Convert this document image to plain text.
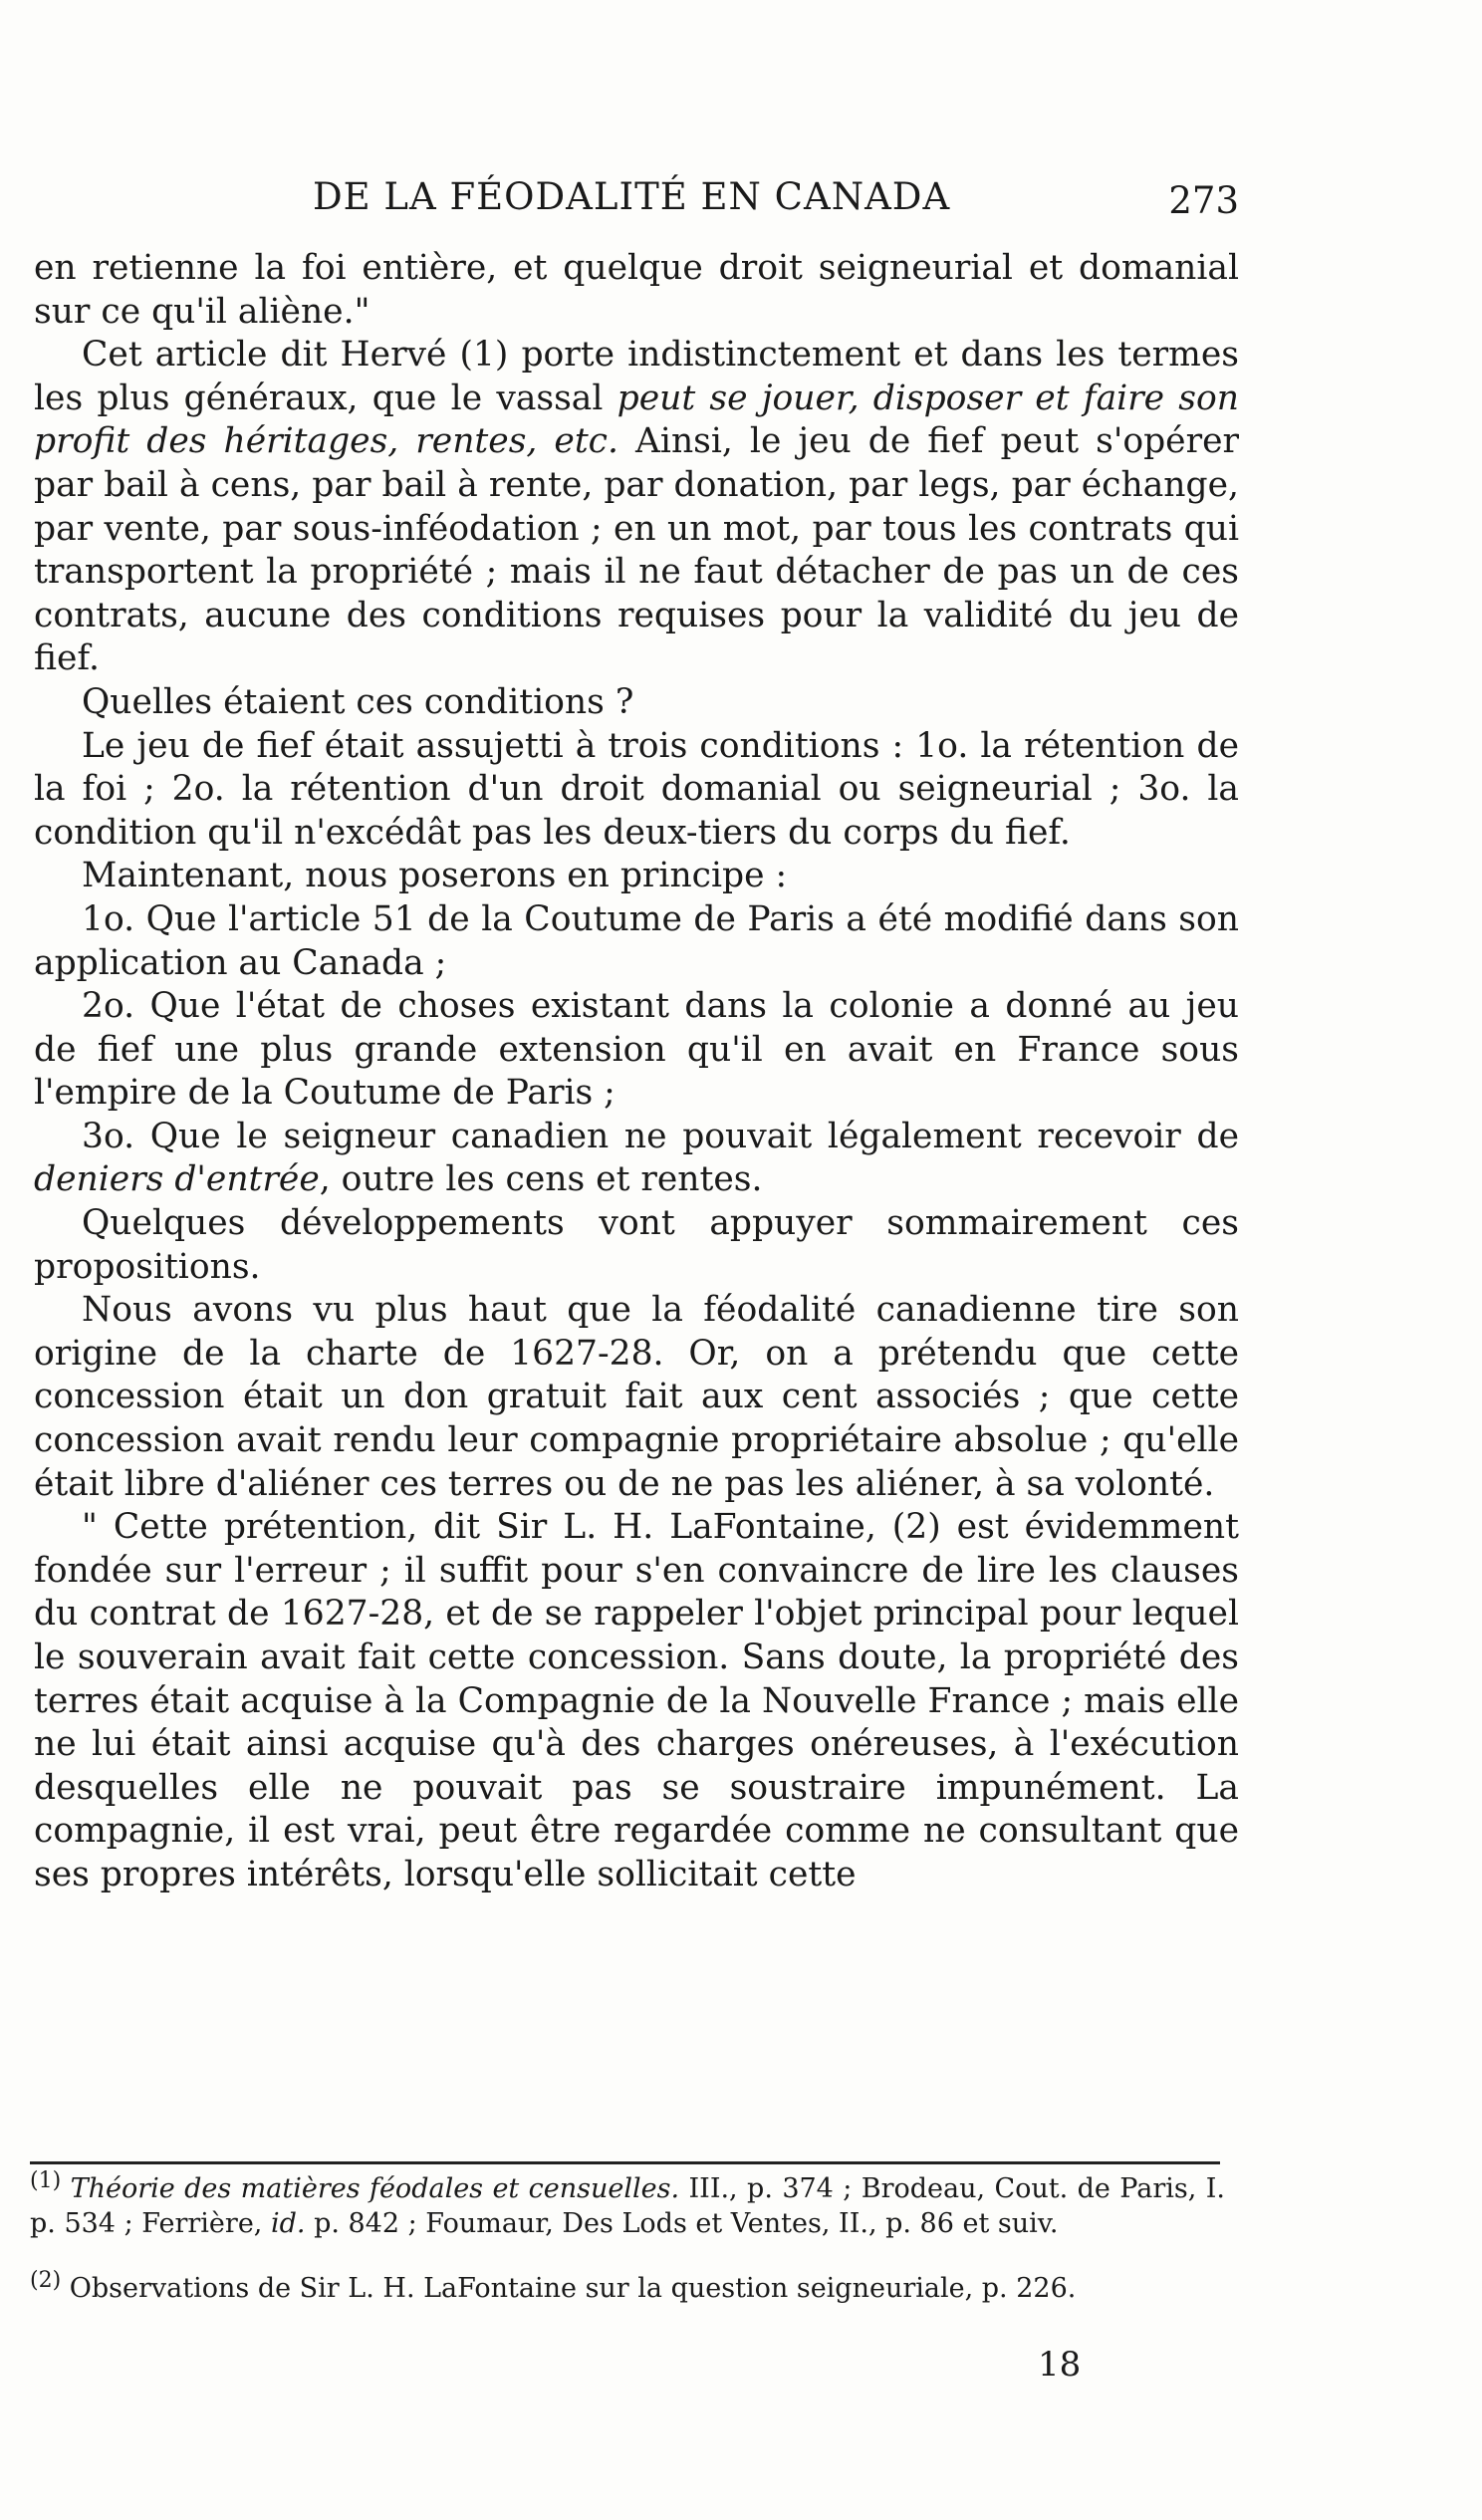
DE LA FÉODALITÉ EN CANADA	273

en retienne la foi entière, et quelque droit seigneurial et domanial sur ce qu'il aliène."

Cet article dit Hervé (1) porte indistinctement et dans les termes les plus généraux, que le vassal peut se jouer, disposer et faire son profit des héritages, rentes, etc. Ainsi, le jeu de fief peut s'opérer par bail à cens, par bail à rente, par donation, par legs, par échange, par vente, par sous-inféodation ; en un mot, par tous les contrats qui transportent la propriété ; mais il ne faut détacher de pas un de ces contrats, aucune des conditions requises pour la validité du jeu de fief.

Quelles étaient ces conditions ?

Le jeu de fief était assujetti à trois conditions : 1o. la rétention de la foi ; 2o. la rétention d'un droit domanial ou seigneurial ; 3o. la condition qu'il n'excédât pas les deux-tiers du corps du fief.

Maintenant, nous poserons en principe :

1o. Que l'article 51 de la Coutume de Paris a été modifié dans son application au Canada ;

2o. Que l'état de choses existant dans la colonie a donné au jeu de fief une plus grande extension qu'il en avait en France sous l'empire de la Coutume de Paris ;

3o. Que le seigneur canadien ne pouvait légalement recevoir de deniers d'entrée, outre les cens et rentes.

Quelques développements vont appuyer sommairement ces propositions.

Nous avons vu plus haut que la féodalité canadienne tire son origine de la charte de 1627-28. Or, on a prétendu que cette concession était un don gratuit fait aux cent associés ; que cette concession avait rendu leur compagnie propriétaire absolue ; qu'elle était libre d'aliéner ces terres ou de ne pas les aliéner, à sa volonté.

" Cette prétention, dit Sir L. H. LaFontaine, (2) est évidemment fondée sur l'erreur ; il suffit pour s'en convaincre de lire les clauses du contrat de 1627-28, et de se rappeler l'objet principal pour lequel le souverain avait fait cette concession. Sans doute, la propriété des terres était acquise à la Compagnie de la Nouvelle France ; mais elle ne lui était ainsi acquise qu'à des charges onéreuses, à l'exécution desquelles elle ne pouvait pas se soustraire impunément. La compagnie, il est vrai, peut être regardée comme ne consultant que ses propres intérêts, lorsqu'elle sollicitait cette

$^{(1)}$ Théorie des matières féodales et censuelles. III., p. 374 ; Brodeau, Cout. de Paris, I. p. 534 ; Ferrière, id. p. 842 ; Foumaur, Des Lods et Ventes, II., p. 86 et suiv.

$^{(2)}$ Observations de Sir L. H. LaFontaine sur la question seigneuriale, p. 226.

18
